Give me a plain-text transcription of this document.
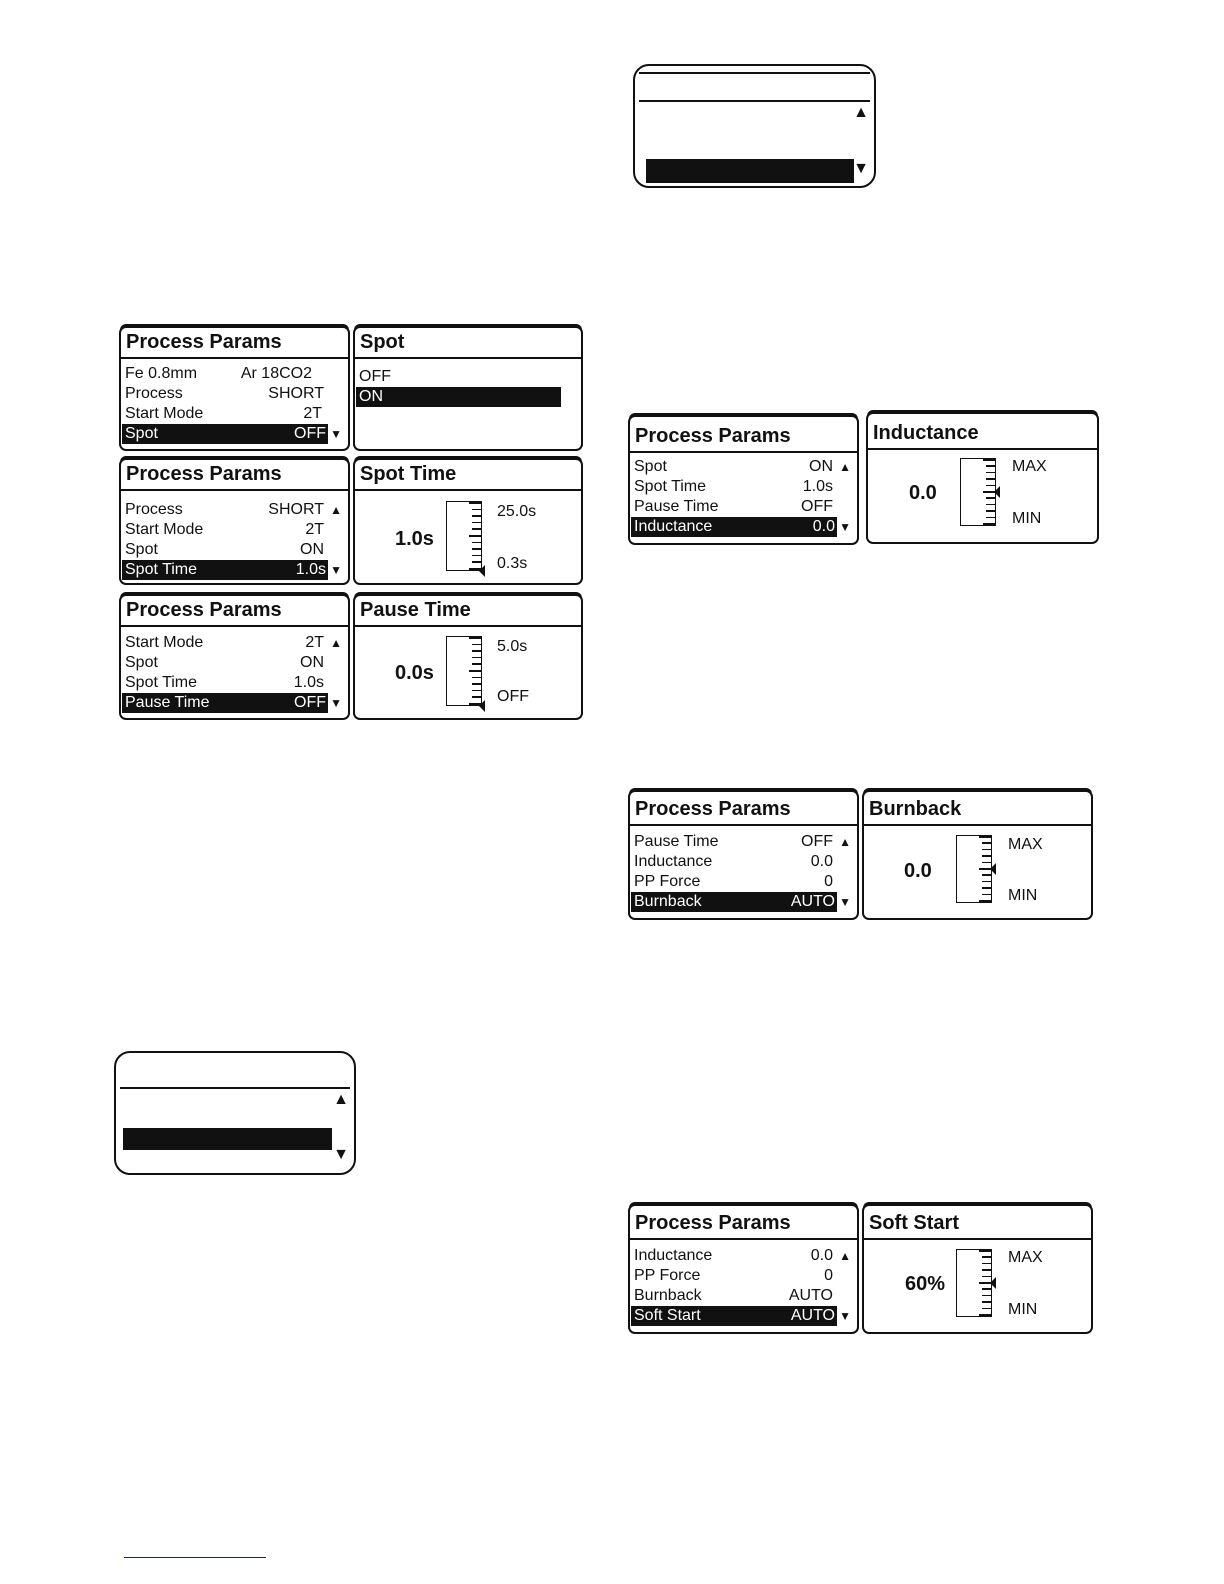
▲
▼
▲
▼
Process Params
Fe 0.8mm	Ar 18CO2
Process	SHORT
Start Mode	2T
Spot	OFF ▼
Spot
OFF
ON
Process Params
Process	SHORT ▲
Start Mode	2T
Spot	ON
Spot Time	1.0s ▼
Spot Time
1.0s
25.0s
0.3s
Process Params
Start Mode	2T ▲
Spot	ON
Spot Time	1.0s
Pause Time	OFF ▼
Pause Time
0.0s
5.0s
OFF
Process Params
Spot	ON ▲
Spot Time	1.0s
Pause Time	OFF
Inductance	0.0 ▼
Inductance
0.0
MAX
MIN
Process Params
Pause Time	OFF ▲
Inductance	0.0
PP Force	0
Burnback	AUTO ▼
Burnback
0.0
MAX
MIN
Process Params
Inductance	0.0 ▲
PP Force	0
Burnback	AUTO
Soft Start	AUTO ▼
Soft Start
60%
MAX
MIN
